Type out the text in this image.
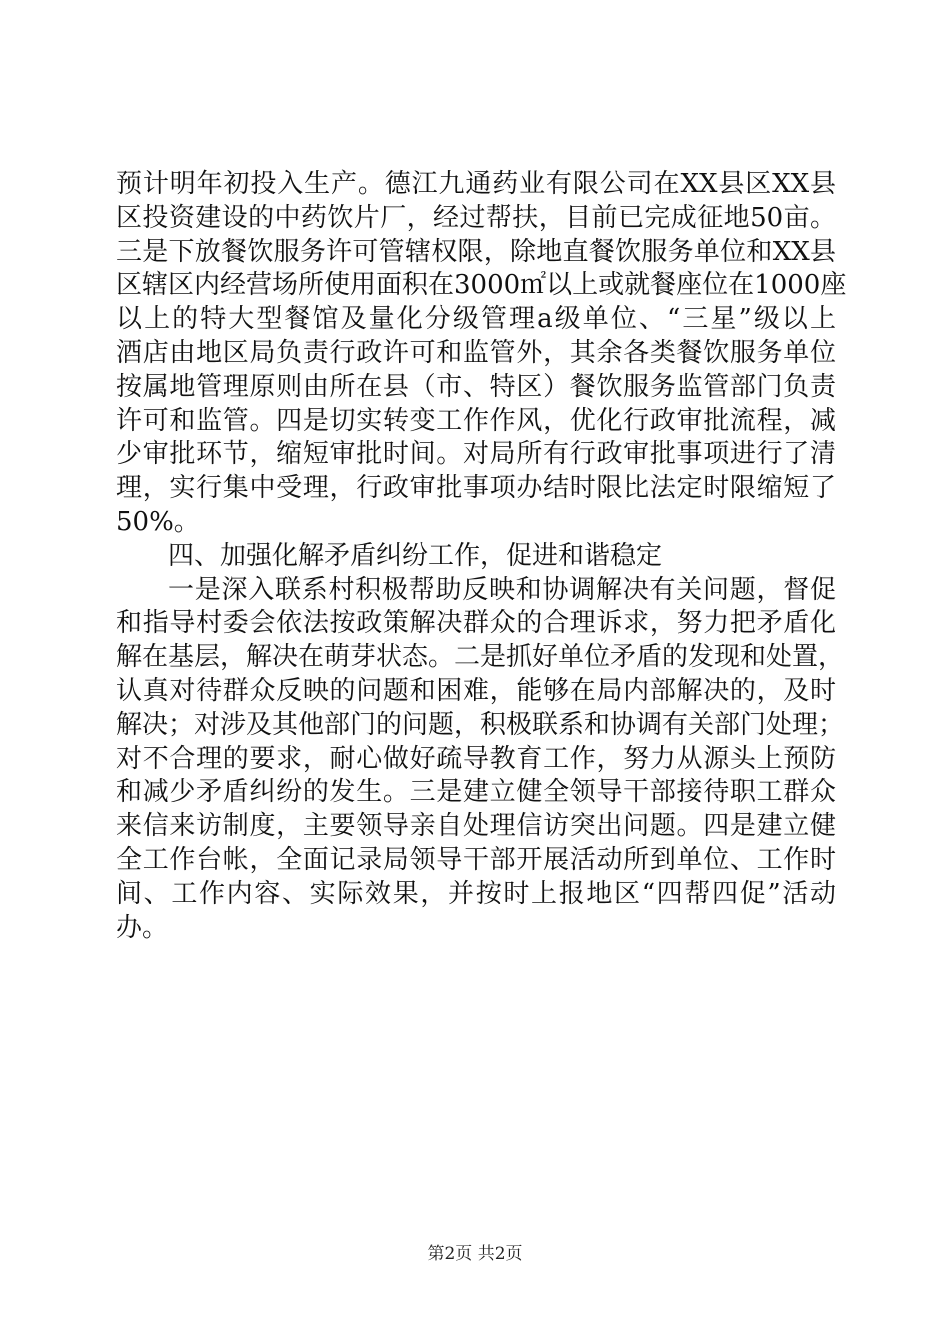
预计明年初投入生产。德江九通药业有限公司在XX县区XX县
区投资建设的中药饮片厂，经过帮扶，目前已完成征地50亩。
三是下放餐饮服务许可管辖权限，除地直餐饮服务单位和XX县
区辖区内经营场所使用面积在3000㎡以上或就餐座位在1000座
以上的特大型餐馆及量化分级管理a级单位、“三星”级以上
酒店由地区局负责行政许可和监管外，其余各类餐饮服务单位
按属地管理原则由所在县（市、特区）餐饮服务监管部门负责
许可和监管。四是切实转变工作作风，优化行政审批流程，减
少审批环节，缩短审批时间。对局所有行政审批事项进行了清
理，实行集中受理，行政审批事项办结时限比法定时限缩短了
50%。
四、加强化解矛盾纠纷工作，促进和谐稳定
一是深入联系村积极帮助反映和协调解决有关问题，督促
和指导村委会依法按政策解决群众的合理诉求，努力把矛盾化
解在基层，解决在萌芽状态。二是抓好单位矛盾的发现和处置，
认真对待群众反映的问题和困难，能够在局内部解决的，及时
解决；对涉及其他部门的问题，积极联系和协调有关部门处理；
对不合理的要求，耐心做好疏导教育工作，努力从源头上预防
和减少矛盾纠纷的发生。三是建立健全领导干部接待职工群众
来信来访制度，主要领导亲自处理信访突出问题。四是建立健
全工作台帐，全面记录局领导干部开展活动所到单位、工作时
间、工作内容、实际效果，并按时上报地区“四帮四促”活动
办。
第2页 共2页
